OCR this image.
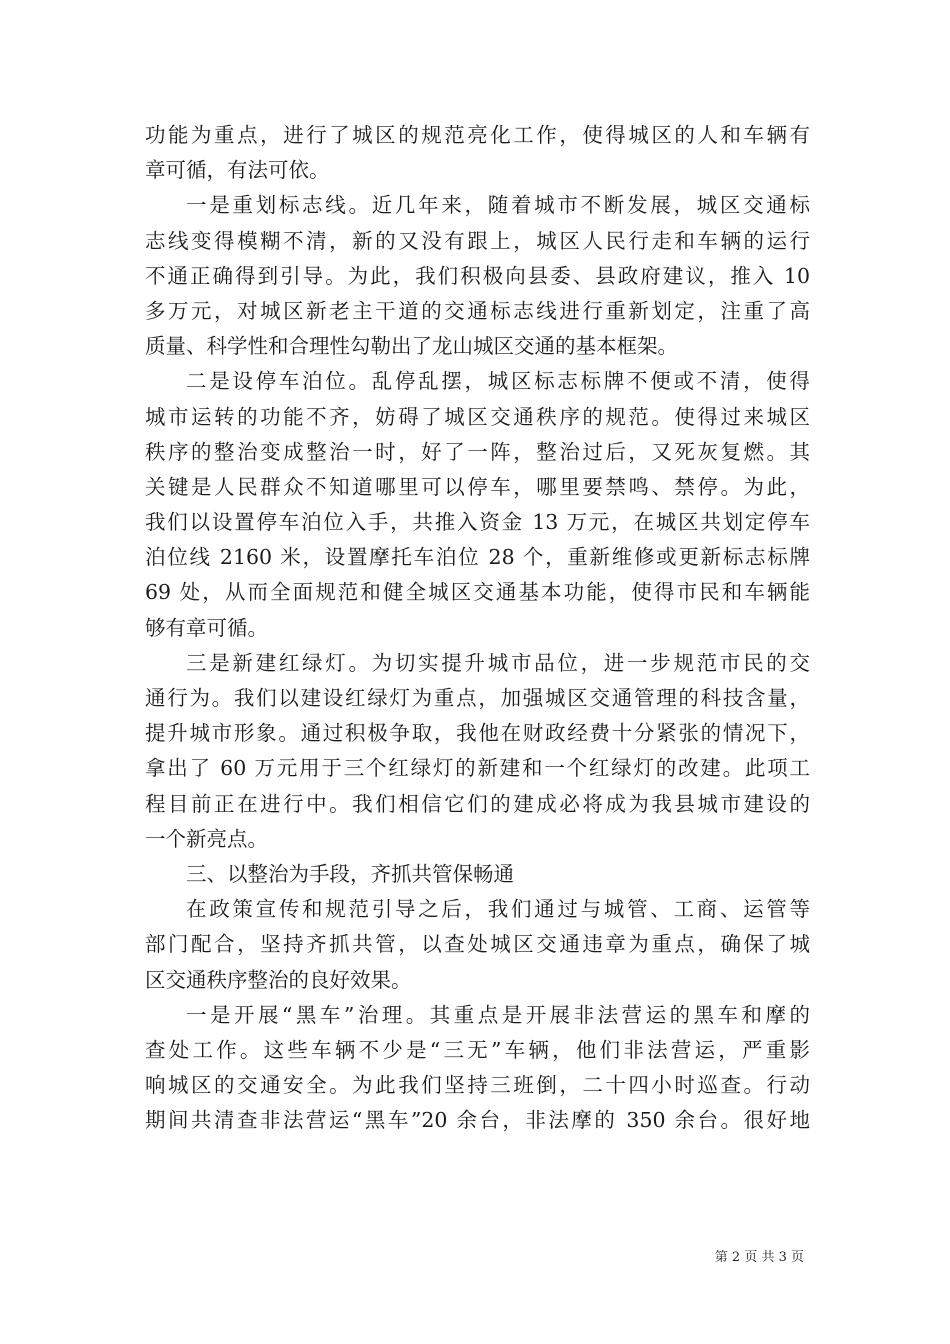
功能为重点，进行了城区的规范亮化工作，使得城区的人和车辆有
章可循，有法可依。
一是重划标志线。近几年来，随着城市不断发展，城区交通标
志线变得模糊不清，新的又没有跟上，城区人民行走和车辆的运行
不通正确得到引导。为此，我们积极向县委、县政府建议，推入 10
多万元，对城区新老主干道的交通标志线进行重新划定，注重了高
质量、科学性和合理性勾勒出了龙山城区交通的基本框架。
二是设停车泊位。乱停乱摆，城区标志标牌不便或不清，使得
城市运转的功能不齐，妨碍了城区交通秩序的规范。使得过来城区
秩序的整治变成整治一时，好了一阵，整治过后，又死灰复燃。其
关键是人民群众不知道哪里可以停车，哪里要禁鸣、禁停。为此，
我们以设置停车泊位入手，共推入资金 13 万元，在城区共划定停车
泊位线 2160 米，设置摩托车泊位 28 个，重新维修或更新标志标牌
69 处，从而全面规范和健全城区交通基本功能，使得市民和车辆能
够有章可循。
三是新建红绿灯。为切实提升城市品位，进一步规范市民的交
通行为。我们以建设红绿灯为重点，加强城区交通管理的科技含量，
提升城市形象。通过积极争取，我他在财政经费十分紧张的情况下，
拿出了 60 万元用于三个红绿灯的新建和一个红绿灯的改建。此项工
程目前正在进行中。我们相信它们的建成必将成为我县城市建设的
一个新亮点。
三、以整治为手段，齐抓共管保畅通
在政策宣传和规范引导之后，我们通过与城管、工商、运管等
部门配合，坚持齐抓共管，以查处城区交通违章为重点，确保了城
区交通秩序整治的良好效果。
一是开展“黑车”治理。其重点是开展非法营运的黑车和摩的
查处工作。这些车辆不少是“三无”车辆，他们非法营运，严重影
响城区的交通安全。为此我们坚持三班倒，二十四小时巡查。行动
期间共清查非法营运“黑车”20 余台，非法摩的 350 余台。很好地
第 2 页 共 3 页
